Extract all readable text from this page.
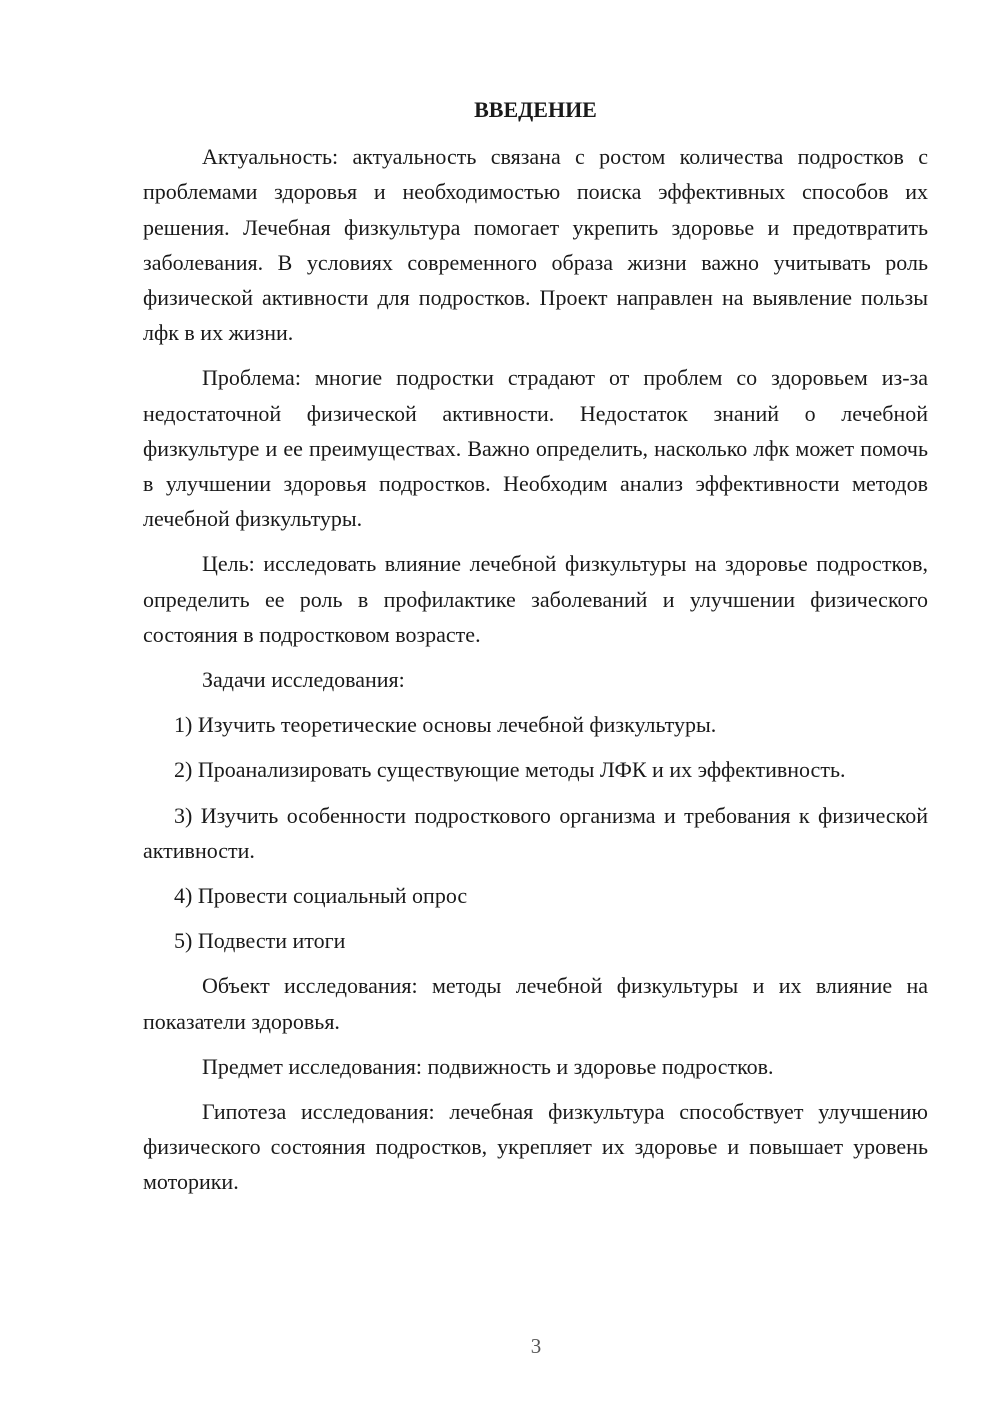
ВВЕДЕНИЕ

Актуальность: актуальность связана с ростом количества подростков с проблемами здоровья и необходимостью поиска эффективных способов их решения. Лечебная физкультура помогает укрепить здоровье и предотвратить заболевания. В условиях современного образа жизни важно учитывать роль физической активности для подростков. Проект направлен на выявление пользы лфк в их жизни.

Проблема: многие подростки страдают от проблем со здоровьем из-за недостаточной физической активности. Недостаток знаний о лечебной физкультуре и ее преимуществах. Важно определить, насколько лфк может помочь в улучшении здоровья подростков. Необходим анализ эффективности методов лечебной физкультуры.

Цель: исследовать влияние лечебной физкультуры на здоровье подростков, определить ее роль в профилактике заболеваний и улучшении физического состояния в подростковом возрасте.

Задачи исследования:

1) Изучить теоретические основы лечебной физкультуры.

2) Проанализировать существующие методы ЛФК и их эффективность.

3) Изучить особенности подросткового организма и требования к физической активности.

4) Провести социальный опрос

5) Подвести итоги

Объект исследования: методы лечебной физкультуры и их влияние на показатели здоровья.

Предмет исследования: подвижность и здоровье подростков.

Гипотеза исследования: лечебная физкультура способствует улучшению физического состояния подростков, укрепляет их здоровье и повышает уровень моторики.

3
